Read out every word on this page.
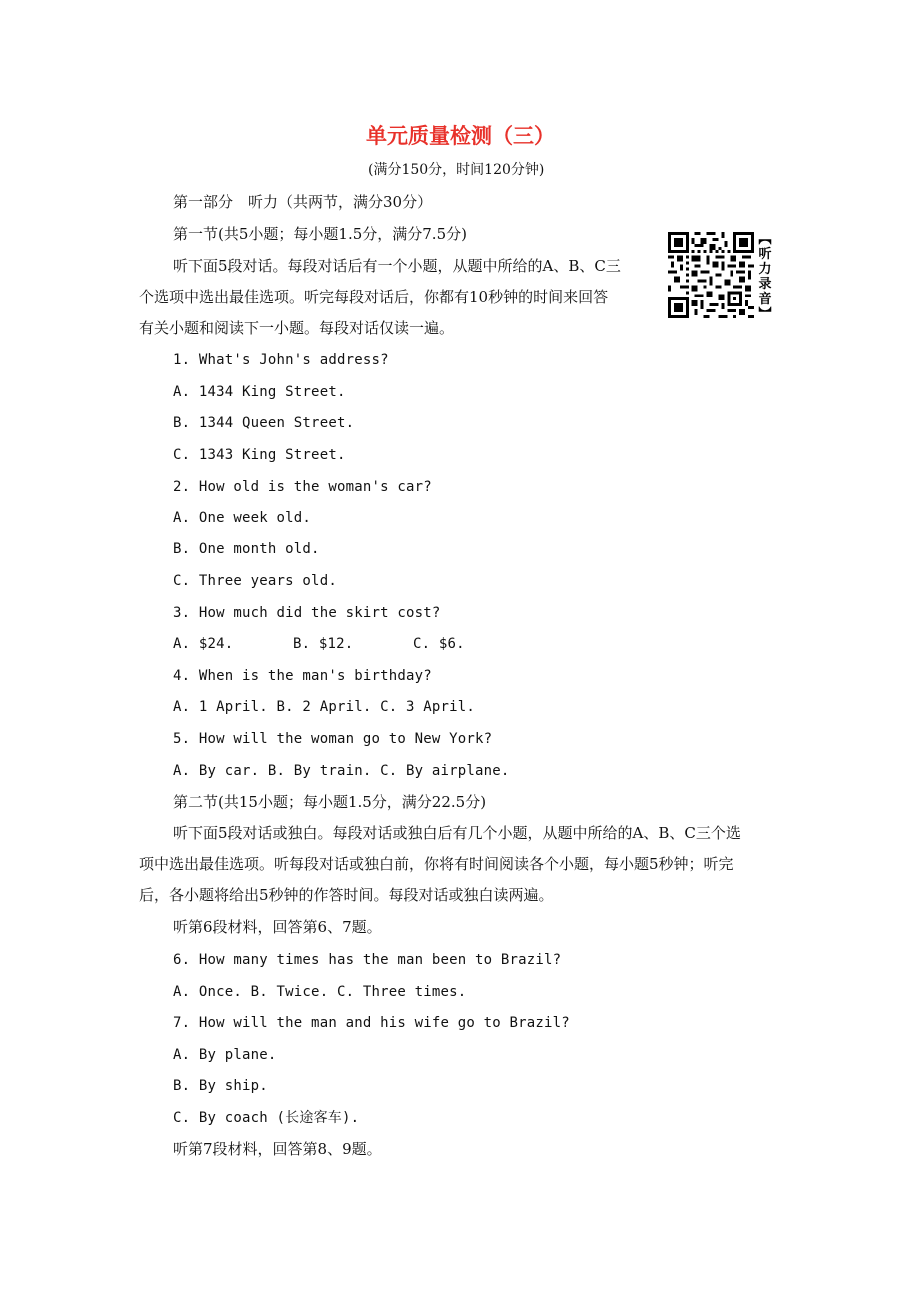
单元质量检测（三）
(满分150分，时间120分钟)
第一部分　听力（共两节，满分30分）
第一节(共5小题；每小题1.5分，满分7.5分)
听下面5段对话。每段对话后有一个小题，从题中所给的A、B、C三
个选项中选出最佳选项。听完每段对话后，你都有10秒钟的时间来回答
有关小题和阅读下一小题。每段对话仅读一遍。
︻
听
力
录
音
︼
1. What's John's address?
A. 1434 King Street.
B. 1344 Queen Street.
C. 1343 King Street.
2. How old is the woman's car?
A. One week old.
B. One month old.
C. Three years old.
3. How much did the skirt cost?
A. $24.	B. $12.	C. $6.
4. When is the man's birthday?
A. 1 April. B. 2 April. C. 3 April.
5. How will the woman go to New York?
A. By car. B. By train. C. By airplane.
第二节(共15小题；每小题1.5分，满分22.5分)
听下面5段对话或独白。每段对话或独白后有几个小题，从题中所给的A、B、C三个选
项中选出最佳选项。听每段对话或独白前，你将有时间阅读各个小题，每小题5秒钟；听完
后，各小题将给出5秒钟的作答时间。每段对话或独白读两遍。
听第6段材料，回答第6、7题。
6. How many times has the man been to Brazil?
A. Once. B. Twice. C. Three times.
7. How will the man and his wife go to Brazil?
A. By plane.
B. By ship.
C. By coach (长途客车).
听第7段材料，回答第8、9题。
